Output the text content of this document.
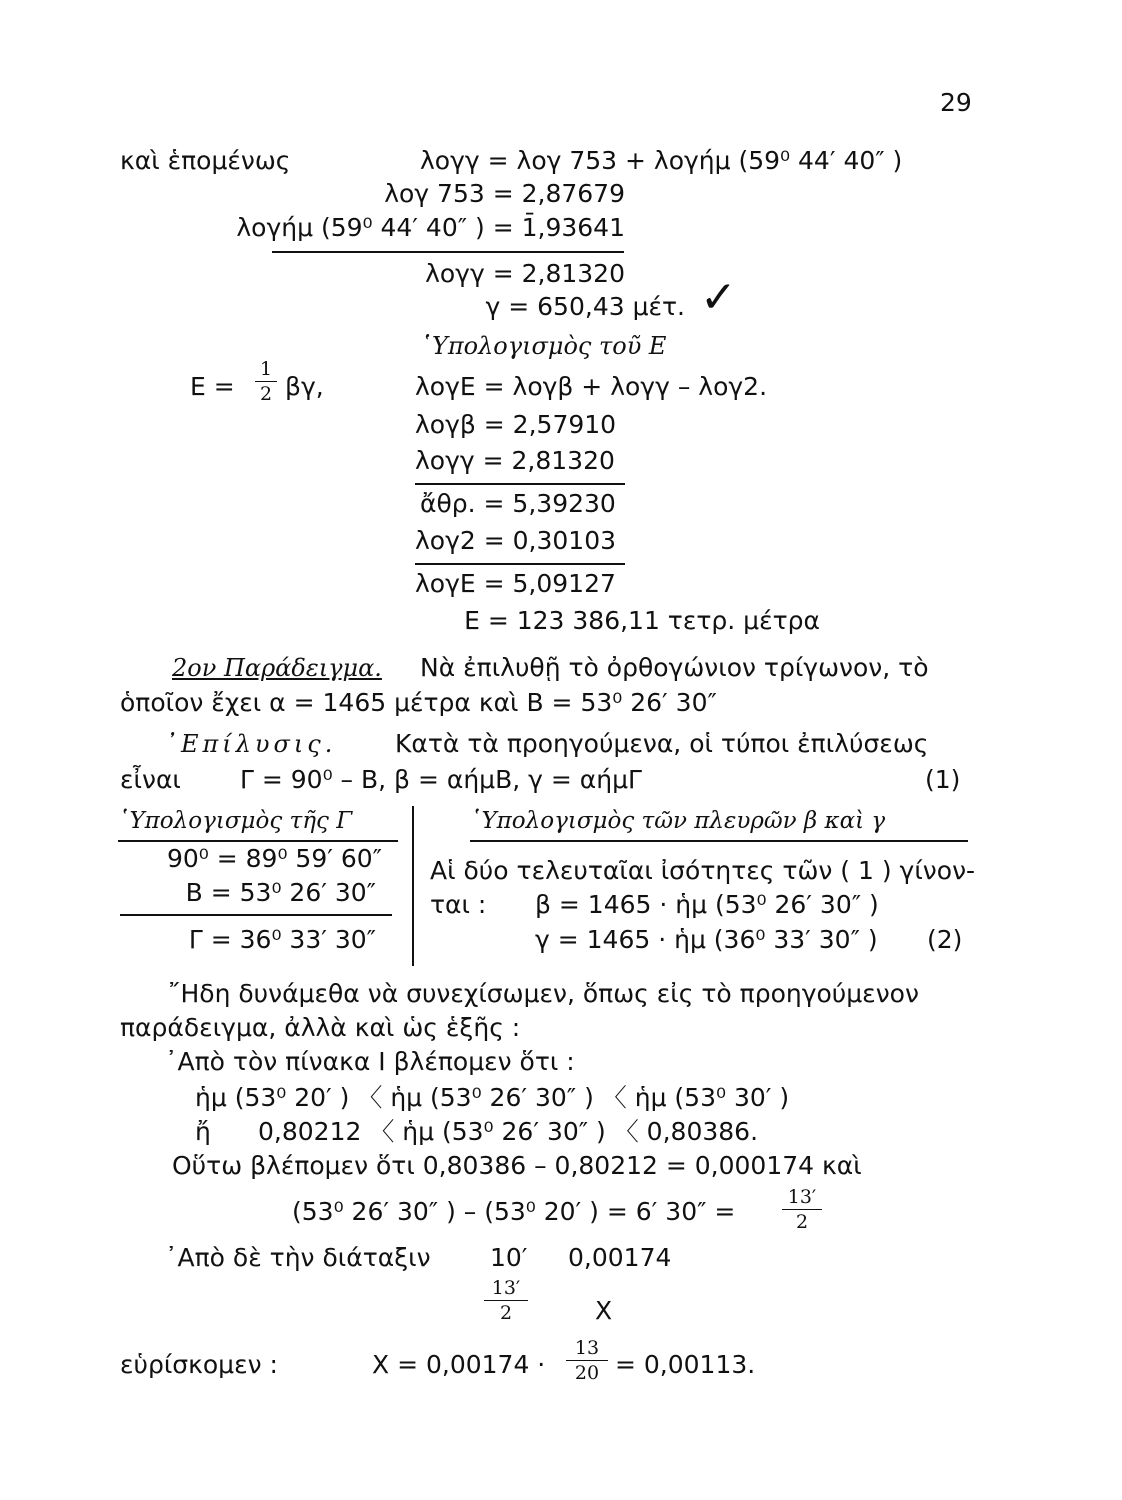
29
καὶ ἑπομένως	λογγ = λογ 753 + λογήμ (59⁰ 44′ 40″ )
λογ 753 = 2,87679
λογήμ (59⁰ 44′ 40″ ) = 1̄,93641
λογγ = 2,81320
γ = 650,43 μέτ. ✓
῾Υπολογισμὸς τοῦ Ε
Ε =
1
2 βγ,	λογΕ = λογβ + λογγ – λογ2.
λογβ = 2,57910
λογγ = 2,81320
ἄθρ. = 5,39230
λογ2 = 0,30103
λογΕ = 5,09127
Ε = 123 386,11 τετρ. μέτρα
2ον Παράδειγμα. Νὰ ἐπιλυθῇ τὸ ὀρθογώνιον τρίγωνον, τὸ
ὁποῖον ἔχει α = 1465 μέτρα καὶ Β = 53⁰ 26′ 30″
᾿Επίλυσις. Κατὰ τὰ προηγούμενα, οἱ τύποι ἐπιλύσεως
εἶναι Γ = 90⁰ – Β, β = αήμΒ, γ = αήμΓ	(1)
῾Υπολογισμὸς τῆς Γ
90⁰ = 89⁰ 59′ 60″
Β = 53⁰ 26′ 30″
Γ = 36⁰ 33′ 30″
῾Υπολογισμὸς τῶν πλευρῶν β καὶ γ
Αἱ δύο τελευταῖαι ἰσότητες τῶν ( 1 ) γίνον-
ται : β = 1465 · ἡμ (53⁰ 26′ 30″ )
γ = 1465 · ἡμ (36⁰ 33′ 30″ ) (2)
῎Ηδη δυνάμεθα νὰ συνεχίσωμεν, ὅπως εἰς τὸ προηγούμενον
παράδειγμα, ἀλλὰ καὶ ὡς ἑξῆς :
᾿Απὸ τὸν πίνακα Ι βλέπομεν ὅτι :
ἡμ (53⁰ 20′ ) 〈 ἡμ (53⁰ 26′ 30″ ) 〈 ἡμ (53⁰ 30′ )
ἤ 0,80212 〈 ἡμ (53⁰ 26′ 30″ ) 〈 0,80386.
Οὕτω βλέπομεν ὅτι 0,80386 – 0,80212 = 0,000174 καὶ
(53⁰ 26′ 30″ ) – (53⁰ 20′ ) = 6′ 30″ =	13′
2
᾿Απὸ δὲ τὴν διάταξιν 10′ 0,00174
13′
2	Χ
εὑρίσκομεν :	Χ = 0,00174 ·
13
20 = 0,00113.
